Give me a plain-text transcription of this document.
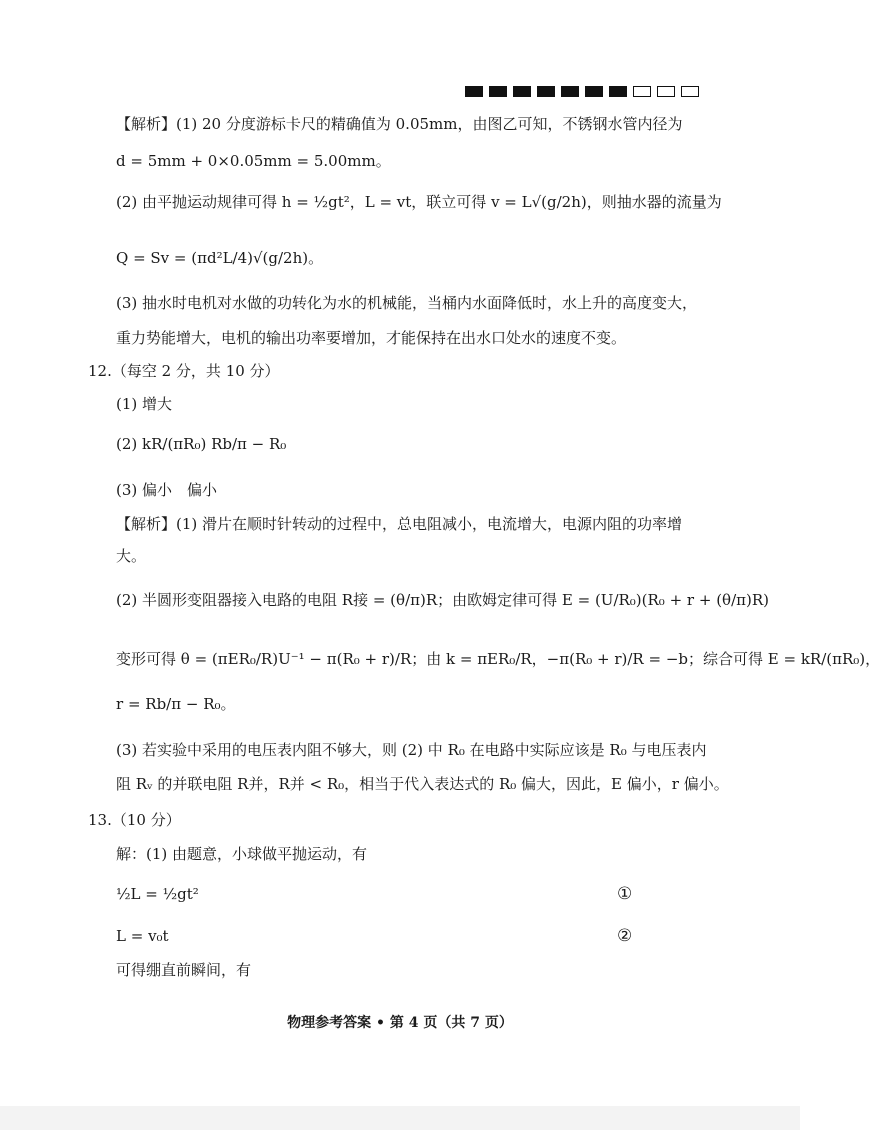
【解析】(1) 20 分度游标卡尺的精确值为 0.05mm，由图乙可知，不锈钢水管内径为
d = 5mm + 0×0.05mm = 5.00mm。
(2) 由平抛运动规律可得 h = ½gt²，L = vt，联立可得 v = L√(g/2h)，则抽水器的流量为
Q = Sv = (πd²L/4)√(g/2h)。
(3) 抽水时电机对水做的功转化为水的机械能，当桶内水面降低时，水上升的高度变大，
重力势能增大，电机的输出功率要增加，才能保持在出水口处水的速度不变。
12.（每空 2 分，共 10 分）
(1) 增大
(2) kR/(πR₀) Rb/π − R₀
(3) 偏小　偏小
【解析】(1) 滑片在顺时针转动的过程中，总电阻减小，电流增大，电源内阻的功率增
大。
(2) 半圆形变阻器接入电路的电阻 R接 = (θ/π)R；由欧姆定律可得 E = (U/R₀)(R₀ + r + (θ/π)R)
变形可得 θ = (πER₀/R)U⁻¹ − π(R₀ + r)/R；由 k = πER₀/R，−π(R₀ + r)/R = −b；综合可得 E = kR/(πR₀)，
r = Rb/π − R₀。
(3) 若实验中采用的电压表内阻不够大，则 (2) 中 R₀ 在电路中实际应该是 R₀ 与电压表内
阻 Rᵥ 的并联电阻 R并，R并 < R₀，相当于代入表达式的 R₀ 偏大，因此，E 偏小，r 偏小。
13.（10 分）
解：(1) 由题意，小球做平抛运动，有
½L = ½gt²	①
L = v₀t	②
可得绷直前瞬间，有
物理参考答案 • 第 4 页（共 7 页）
